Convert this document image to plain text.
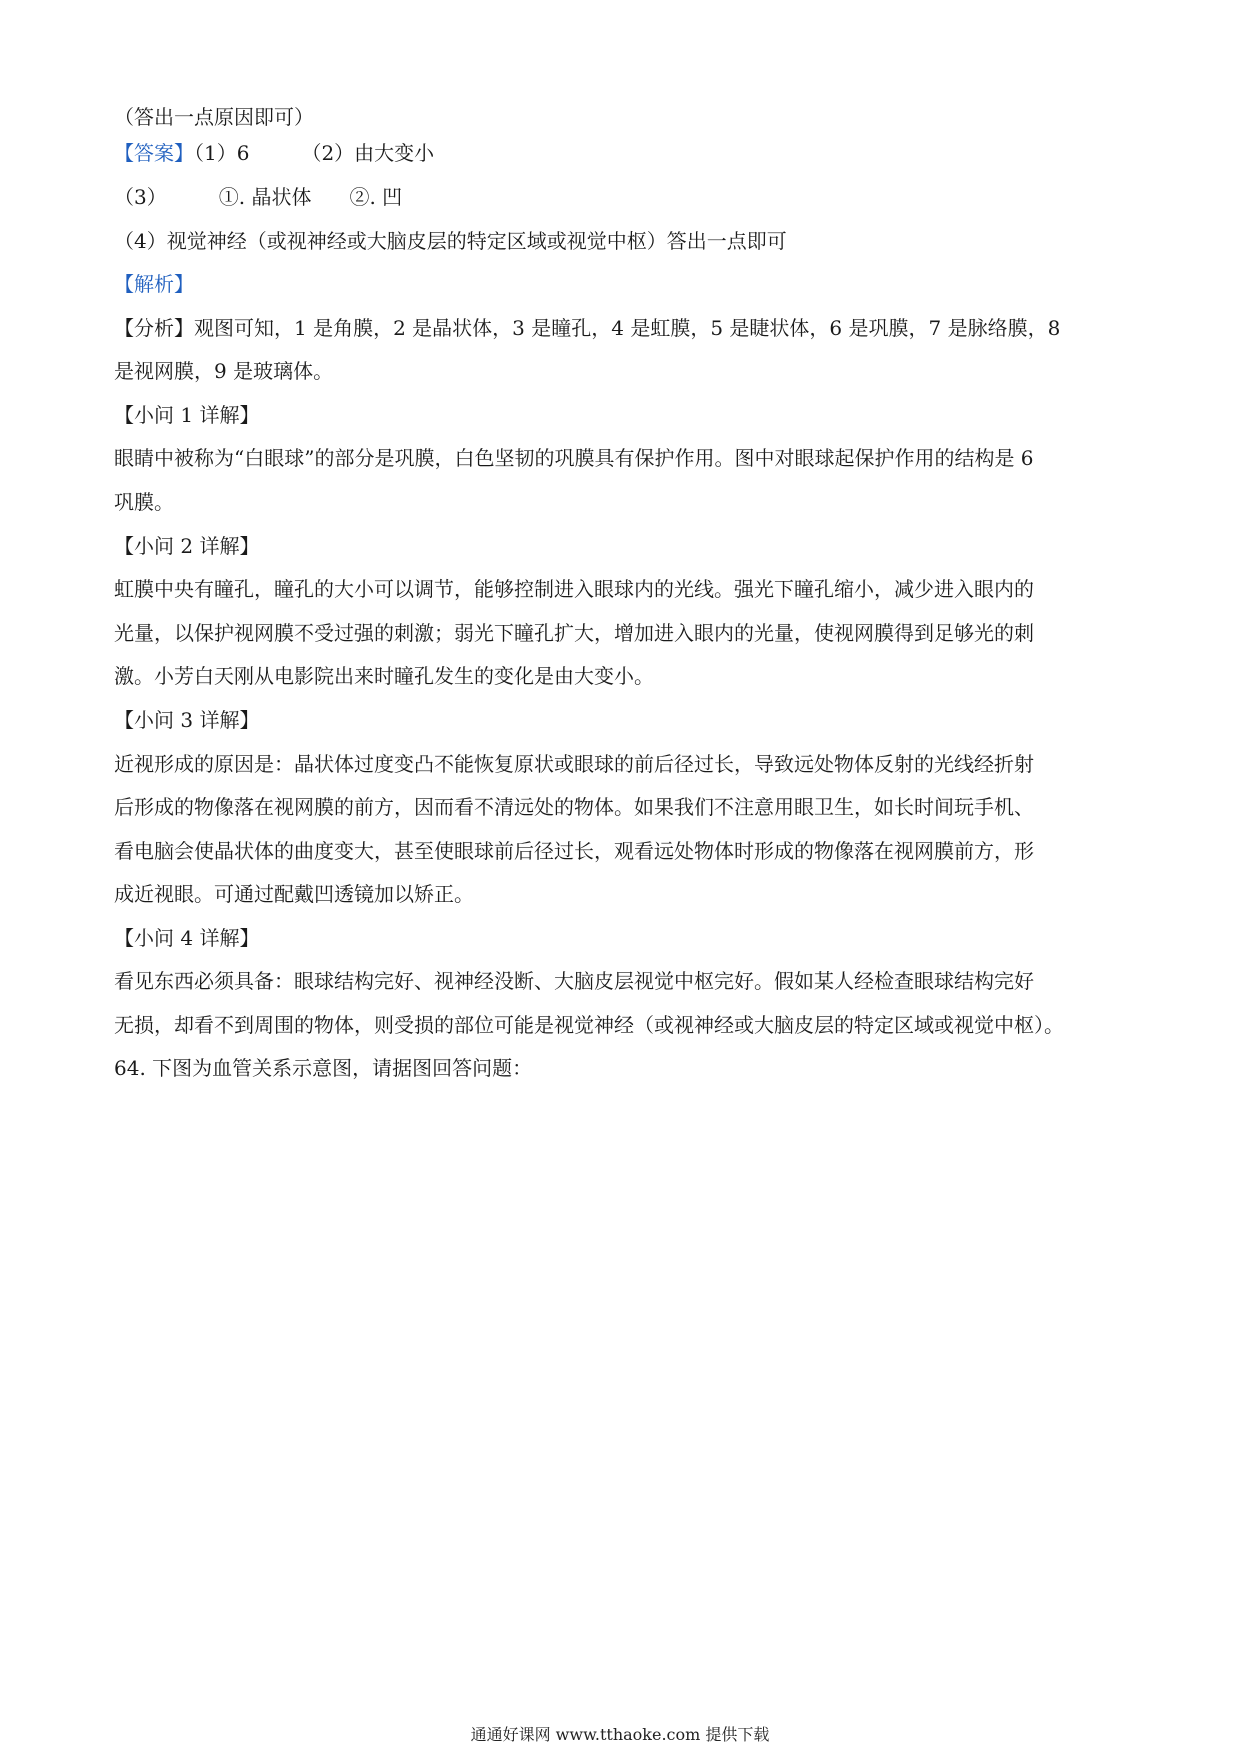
（答出一点原因即可）
【答案】（1）6	（2）由大变小
（3）	①. 晶状体 ②. 凹
（4）视觉神经（或视神经或大脑皮层的特定区域或视觉中枢）答出一点即可
【解析】
【分析】观图可知，1 是角膜，2 是晶状体，3 是瞳孔，4 是虹膜，5 是睫状体，6 是巩膜，7 是脉络膜，8
是视网膜，9 是玻璃体。
【小问 1 详解】
眼睛中被称为“白眼球”的部分是巩膜，白色坚韧的巩膜具有保护作用。图中对眼球起保护作用的结构是 6
巩膜。
【小问 2 详解】
虹膜中央有瞳孔，瞳孔的大小可以调节，能够控制进入眼球内的光线。强光下瞳孔缩小，减少进入眼内的
光量，以保护视网膜不受过强的刺激；弱光下瞳孔扩大，增加进入眼内的光量，使视网膜得到足够光的刺
激。小芳白天刚从电影院出来时瞳孔发生的变化是由大变小。
【小问 3 详解】
近视形成的原因是：晶状体过度变凸不能恢复原状或眼球的前后径过长，导致远处物体反射的光线经折射
后形成的物像落在视网膜的前方，因而看不清远处的物体。如果我们不注意用眼卫生，如长时间玩手机、
看电脑会使晶状体的曲度变大，甚至使眼球前后径过长，观看远处物体时形成的物像落在视网膜前方，形
成近视眼。可通过配戴凹透镜加以矫正。
【小问 4 详解】
看见东西必须具备：眼球结构完好、视神经没断、大脑皮层视觉中枢完好。假如某人经检查眼球结构完好
无损，却看不到周围的物体，则受损的部位可能是视觉神经（或视神经或大脑皮层的特定区域或视觉中枢）。
64. 下图为血管关系示意图，请据图回答问题：
通通好课网 www.tthaoke.com 提供下载
